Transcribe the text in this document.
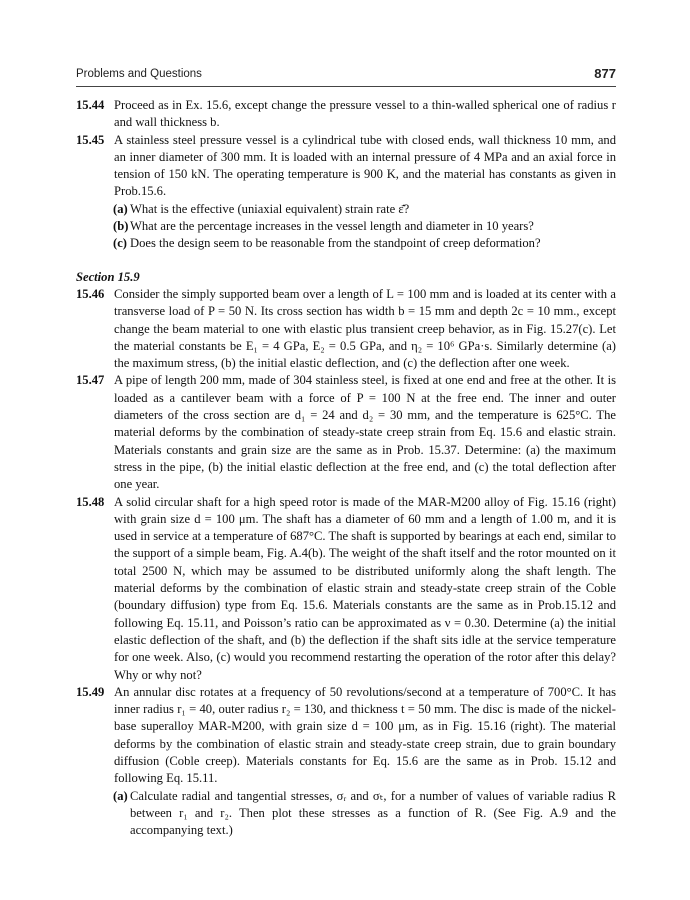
Problems and Questions	877
15.44 Proceed as in Ex. 15.6, except change the pressure vessel to a thin-walled spherical one of radius r and wall thickness b.
15.45 A stainless steel pressure vessel is a cylindrical tube with closed ends, wall thickness 10 mm, and an inner diameter of 300 mm. It is loaded with an internal pressure of 4 MPa and an axial force in tension of 150 kN. The operating temperature is 900 K, and the material has constants as given in Prob.15.6.
(a) What is the effective (uniaxial equivalent) strain rate ε̄̇?
(b) What are the percentage increases in the vessel length and diameter in 10 years?
(c) Does the design seem to be reasonable from the standpoint of creep deformation?
Section 15.9
15.46 Consider the simply supported beam over a length of L = 100 mm and is loaded at its center with a transverse load of P = 50 N. Its cross section has width b = 15 mm and depth 2c = 10 mm., except change the beam material to one with elastic plus transient creep behavior, as in Fig. 15.27(c). Let the material constants be E₁ = 4 GPa, E₂ = 0.5 GPa, and η₂ = 10⁶ GPa·s. Similarly determine (a) the maximum stress, (b) the initial elastic deflection, and (c) the deflection after one week.
15.47 A pipe of length 200 mm, made of 304 stainless steel, is fixed at one end and free at the other. It is loaded as a cantilever beam with a force of P = 100 N at the free end. The inner and outer diameters of the cross section are d₁ = 24 and d₂ = 30 mm, and the temperature is 625°C. The material deforms by the combination of steady-state creep strain from Eq. 15.6 and elastic strain. Materials constants and grain size are the same as in Prob. 15.37. Determine: (a) the maximum stress in the pipe, (b) the initial elastic deflection at the free end, and (c) the total deflection after one year.
15.48 A solid circular shaft for a high speed rotor is made of the MAR-M200 alloy of Fig. 15.16 (right) with grain size d = 100 μm. The shaft has a diameter of 60 mm and a length of 1.00 m, and it is used in service at a temperature of 687°C. The shaft is supported by bearings at each end, similar to the support of a simple beam, Fig. A.4(b). The weight of the shaft itself and the rotor mounted on it total 2500 N, which may be assumed to be distributed uniformly along the shaft length. The material deforms by the combination of elastic strain and steady-state creep strain of the Coble (boundary diffusion) type from Eq. 15.6. Materials constants are the same as in Prob.15.12 and following Eq. 15.11, and Poisson’s ratio can be approximated as ν = 0.30. Determine (a) the initial elastic deflection of the shaft, and (b) the deflection if the shaft sits idle at the service temperature for one week. Also, (c) would you recommend restarting the operation of the rotor after this delay? Why or why not?
15.49 An annular disc rotates at a frequency of 50 revolutions/second at a temperature of 700°C. It has inner radius r₁ = 40, outer radius r₂ = 130, and thickness t = 50 mm. The disc is made of the nickel-base superalloy MAR-M200, with grain size d = 100 μm, as in Fig. 15.16 (right). The material deforms by the combination of elastic strain and steady-state creep strain, due to grain boundary diffusion (Coble creep). Materials constants for Eq. 15.6 are the same as in Prob. 15.12 and following Eq. 15.11.
(a) Calculate radial and tangential stresses, σᵣ and σₜ, for a number of values of variable radius R between r₁ and r₂. Then plot these stresses as a function of R. (See Fig. A.9 and the accompanying text.)
